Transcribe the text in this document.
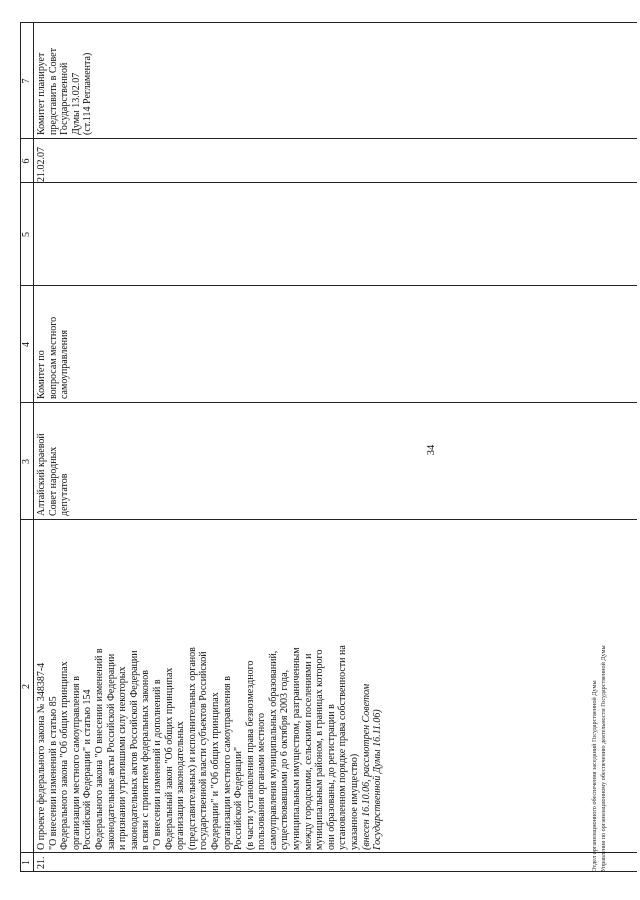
34
1
2
3
4
5
6
7
21.
О проекте федерального закона № 348387-4 "О внесении изменений в статью 85 Федерального закона "Об общих принципах организации местного самоуправления в Российской Федерации" и статью 154 Федерального закона "О внесении изменений в законодательные акты Российской Федерации и признании утратившими силу некоторых законодательных актов Российской Федерации в связи с принятием федеральных законов "О внесении изменений и дополнений в Федеральный закон "Об общих принципах организации законодательных (представительных) и исполнительных органов государственной власти субъектов Российской Федерации" и "Об общих принципах организации местного самоуправления в Российской Федерации" (в части установления права безвозмездного пользования органами местного самоуправления муниципальных образований, существовавшими до 6 октября 2003 года, муниципальным имуществом, разграниченным между городскими, сельскими поселениями и муниципальным районом, в границах которого они образованы, до регистрации в установленном порядке права собственности на указанное имущество) (внесен 16.10.06, рассмотрен Советом Государственной Думы 16.11.06)
Алтайский краевой Совет народных депутатов
Комитет по вопросам местного самоуправления
21.02.07
Комитет планирует представить в Совет Государственной Думы 13.02.07 (ст.114 Регламента)
Отдел организационного обеспечения заседаний Государственной Думы Управления по организационному обеспечению деятельности Государственной Думы
